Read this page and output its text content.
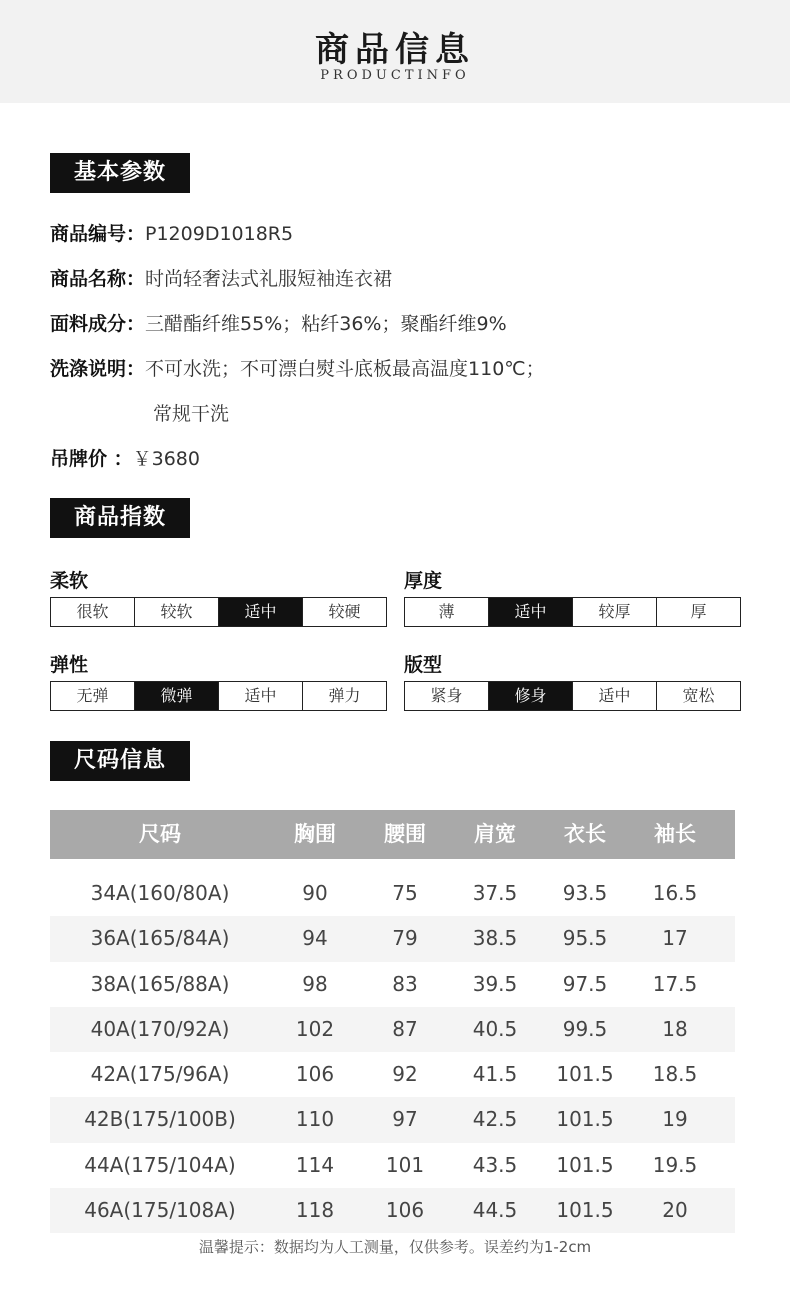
商品信息
PRODUCTINFO
基本参数
商品编号：P1209D1018R5
商品名称：时尚轻奢法式礼服短袖连衣裙
面料成分：三醋酯纤维55%；粘纤36%；聚酯纤维9%
洗涤说明：不可水洗；不可漂白熨斗底板最高温度110℃；
常规干洗
吊牌价 ：￥3680
商品指数
柔软
很软	较软	适中	较硬
厚度
薄	适中	较厚	厚
弹性
无弹	微弹	适中	弹力
版型
紧身	修身	适中	宽松
尺码信息
尺码	胸围	腰围	肩宽	衣长	袖长
34A(160/80A)	90	75	37.5	93.5	16.5
36A(165/84A)	94	79	38.5	95.5	17
38A(165/88A)	98	83	39.5	97.5	17.5
40A(170/92A)	102	87	40.5	99.5	18
42A(175/96A)	106	92	41.5	101.5	18.5
42B(175/100B)	110	97	42.5	101.5	19
44A(175/104A)	114	101	43.5	101.5	19.5
46A(175/108A)	118	106	44.5	101.5	20
温馨提示：数据均为人工测量，仅供参考。误差约为1-2cm
